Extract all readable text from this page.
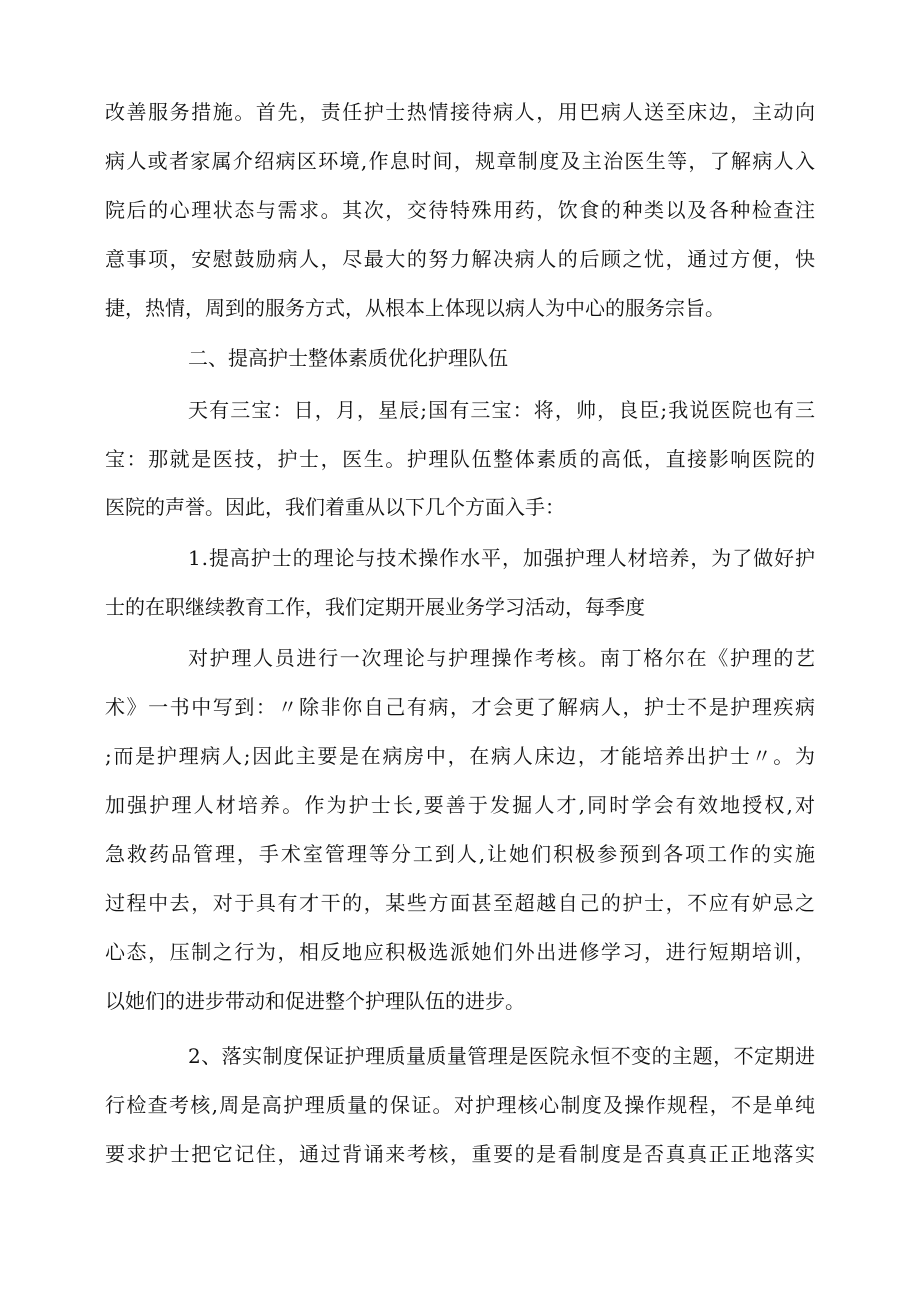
改善服务措施。首先，责任护士热情接待病人，用巴病人送至床边，主动向
病人或者家属介绍病区环境,作息时间，规章制度及主治医生等，了解病人入
院后的心理状态与需求。其次，交待特殊用药，饮食的种类以及各种检查注
意事项，安慰鼓励病人，尽最大的努力解决病人的后顾之忧，通过方便，快
捷，热情，周到的服务方式，从根本上体现以病人为中心的服务宗旨。
二、提高护士整体素质优化护理队伍
天有三宝：日，月，星辰;国有三宝：将，帅，良臣;我说医院也有三
宝：那就是医技，护士，医生。护理队伍整体素质的高低，直接影响医院的
医院的声誉。因此，我们着重从以下几个方面入手：
1.提高护士的理论与技术操作水平，加强护理人材培养，为了做好护
士的在职继续教育工作，我们定期开展业务学习活动，每季度
对护理人员进行一次理论与护理操作考核。南丁格尔在《护理的艺
术》一书中写到：〃除非你自己有病，才会更了解病人，护士不是护理疾病
;而是护理病人;因此主要是在病房中，在病人床边，才能培养出护士〃。为
加强护理人材培养。作为护士长,要善于发掘人才,同时学会有效地授权,对
急救药品管理，手术室管理等分工到人,让她们积极参预到各项工作的实施
过程中去，对于具有才干的，某些方面甚至超越自己的护士，不应有妒忌之
心态，压制之行为，相反地应积极选派她们外出进修学习，进行短期培训，
以她们的进步带动和促进整个护理队伍的进步。
2、落实制度保证护理质量质量管理是医院永恒不变的主题，不定期进
行检查考核,周是高护理质量的保证。对护理核心制度及操作规程，不是单纯
要求护士把它记住，通过背诵来考核，重要的是看制度是否真真正正地落实
